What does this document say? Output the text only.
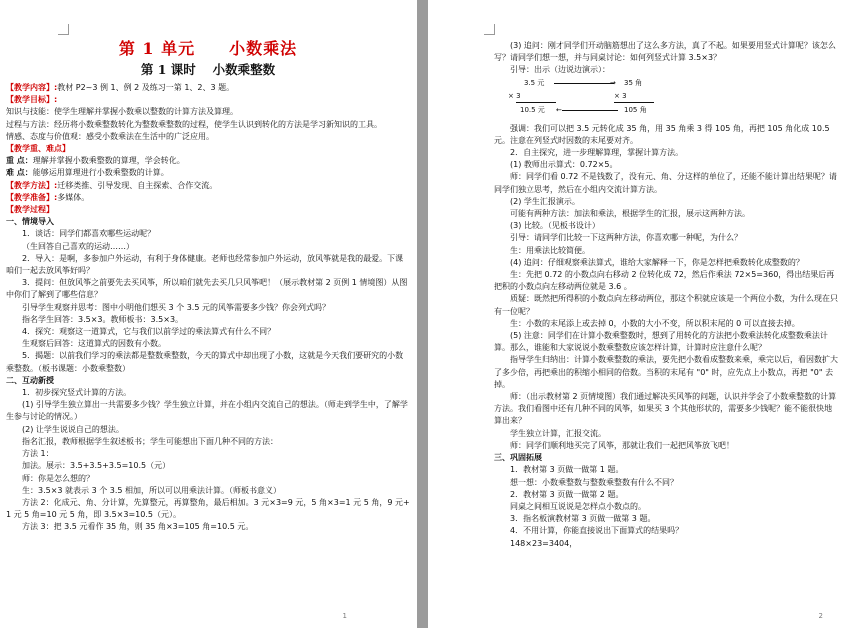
第 1 单元　　小数乘法
第 1 课时　 小数乘整数
【教学内容】:教材 P2~3 例 1、例 2 及练习一第 1、2、3 题。
【教学目标】:
知识与技能：使学生理解并掌握小数乘以整数的计算方法及算理。
过程与方法：经历将小数乘整数转化为整数乘整数的过程，使学生认识到转化的方法是学习新知识的工具。
情感、态度与价值观：感受小数乘法在生活中的广泛应用。
【教学重、难点】
重 点：理解并掌握小数乘整数的算理，学会转化。
难 点：能够运用算理进行小数乘整数的计算。
【教学方法】:迁移类推、引导发现、自主探索、合作交流。
【教学准备】:多媒体。
【教学过程】
一、情境导入
1．谈话：同学们都喜欢哪些运动呢？
（生回答自己喜欢的运动……）
2．导入：是啊，多参加户外运动，有利于身体健康。老师也经常参加户外运动，放风筝就是我的最爱。下课咱们一起去放风筝好吗？
3．提问：但放风筝之前要先去买风筝，所以咱们就先去买几只风筝吧！（展示教材第 2 页例 1 情境图）从图中你们了解到了哪些信息？
引导学生观察并思考：图中小明他们想买 3 个 3.5 元的风筝需要多少钱？你会列式吗？
指名学生回答：3.5×3。教师板书：3.5×3。
4．探究：观察这一道算式，它与我们以前学过的乘法算式有什么不同？
生观察后回答：这道算式的因数有小数。
5．揭题：以前我们学习的乘法都是整数乘整数，今天的算式中却出现了小数，这就是今天我们要研究的小数乘整数。（板书课题：小数乘整数）
二、互动新授
1．初步探究竖式计算的方法。
(1) 引导学生独立算出一共需要多少钱？学生独立计算，并在小组内交流自己的想法。（师走到学生中，了解学生参与讨论的情况。）
(2) 让学生说说自己的想法。
指名汇报，教师根据学生叙述板书；学生可能想出下面几种不同的方法：
方法 1：
加法。展示：3.5+3.5+3.5=10.5（元）
师：你是怎么想的？
生：3.5×3 就表示 3 个 3.5 相加，所以可以用乘法计算。（师板书意义）
方法 2：化成元、角、分计算，先算整元，再算整角，最后相加。3 元×3=9 元，5 角×3=1 元 5 角，9 元+1 元 5 角=10 元 5 角，即 3.5×3=10.5（元）。
方法 3：把 3.5 元看作 35 角，则 35 角×3=105 角=10.5 元。
1
(3) 追问：刚才同学们开动脑筋想出了这么多方法，真了不起。如果要用竖式计算呢？该怎么写？请同学们想一想，并与同桌讨论：如何列竖式计算 3.5×3？
引导：出示（边说边演示）：
3.5 元	35 角
→
× 3	× 3
10.5 元	105 角
←
强调：我们可以把 3.5 元转化成 35 角，用 35 角乘 3 得 105 角，再把 105 角化成 10.5 元。注意在列竖式时因数的末尾要对齐。
2．自主探究，进一步理解算理，掌握计算方法。
(1) 教师出示算式：0.72×5。
师：同学们看 0.72 不是钱数了，没有元、角、分这样的单位了，还能不能计算出结果呢？请同学们独立思考，然后在小组内交流计算方法。
(2) 学生汇报演示。
可能有两种方法：加法和乘法，根据学生的汇报，展示这两种方法。
(3) 比较。（见板书设计）
引导：请同学们比较一下这两种方法，你喜欢哪一种呢，为什么？
生：用乘法比较简便。
(4) 追问：仔细观察乘法算式，谁给大家解释一下，你是怎样把乘数转化成整数的？
生：先把 0.72 的小数点向右移动 2 位转化成 72，然后作乘法 72×5=360，得出结果后再把积的小数点向左移动两位就是 3.6 。
质疑：既然把所得积的小数点向左移动两位，那这个积就应该是一个两位小数，为什么现在只有一位呢？
生：小数的末尾添上或去掉 0，小数的大小不变，所以积末尾的 0 可以直接去掉。
(5) 注意：同学们在计算小数乘整数时，想到了用转化的方法把小数乘法转化成整数乘法计算。那么，谁能和大家说说小数乘整数应该怎样计算，计算时应注意什么呢？
指导学生归纳出：计算小数乘整数的乘法，要先把小数看成整数来乘，乘完以后，看因数扩大了多少倍，再把乘出的积缩小相同的倍数。当积的末尾有 "0" 时，应先点上小数点，再把 "0" 去掉。
师：（出示教材第 2 页情境图）我们通过解决买风筝的问题，认识并学会了小数乘整数的计算方法。我们看图中还有几种不同的风筝，如果买 3 个其他形状的，需要多少钱呢？能不能很快地算出来？
学生独立计算，汇报交流。
师：同学们顺利地买完了风筝，那就让我们一起把风筝放飞吧！
三、巩固拓展
1．教材第 3 页做一做第 1 题。
想一想：小数乘整数与整数乘整数有什么不同？
2．教材第 3 页做一做第 2 题。
同桌之间相互说说是怎样点小数点的。
3．指名板演教材第 3 页做一做第 3 题。
4．不用计算，你能直接说出下面算式的结果吗？
148×23=3404，
2
